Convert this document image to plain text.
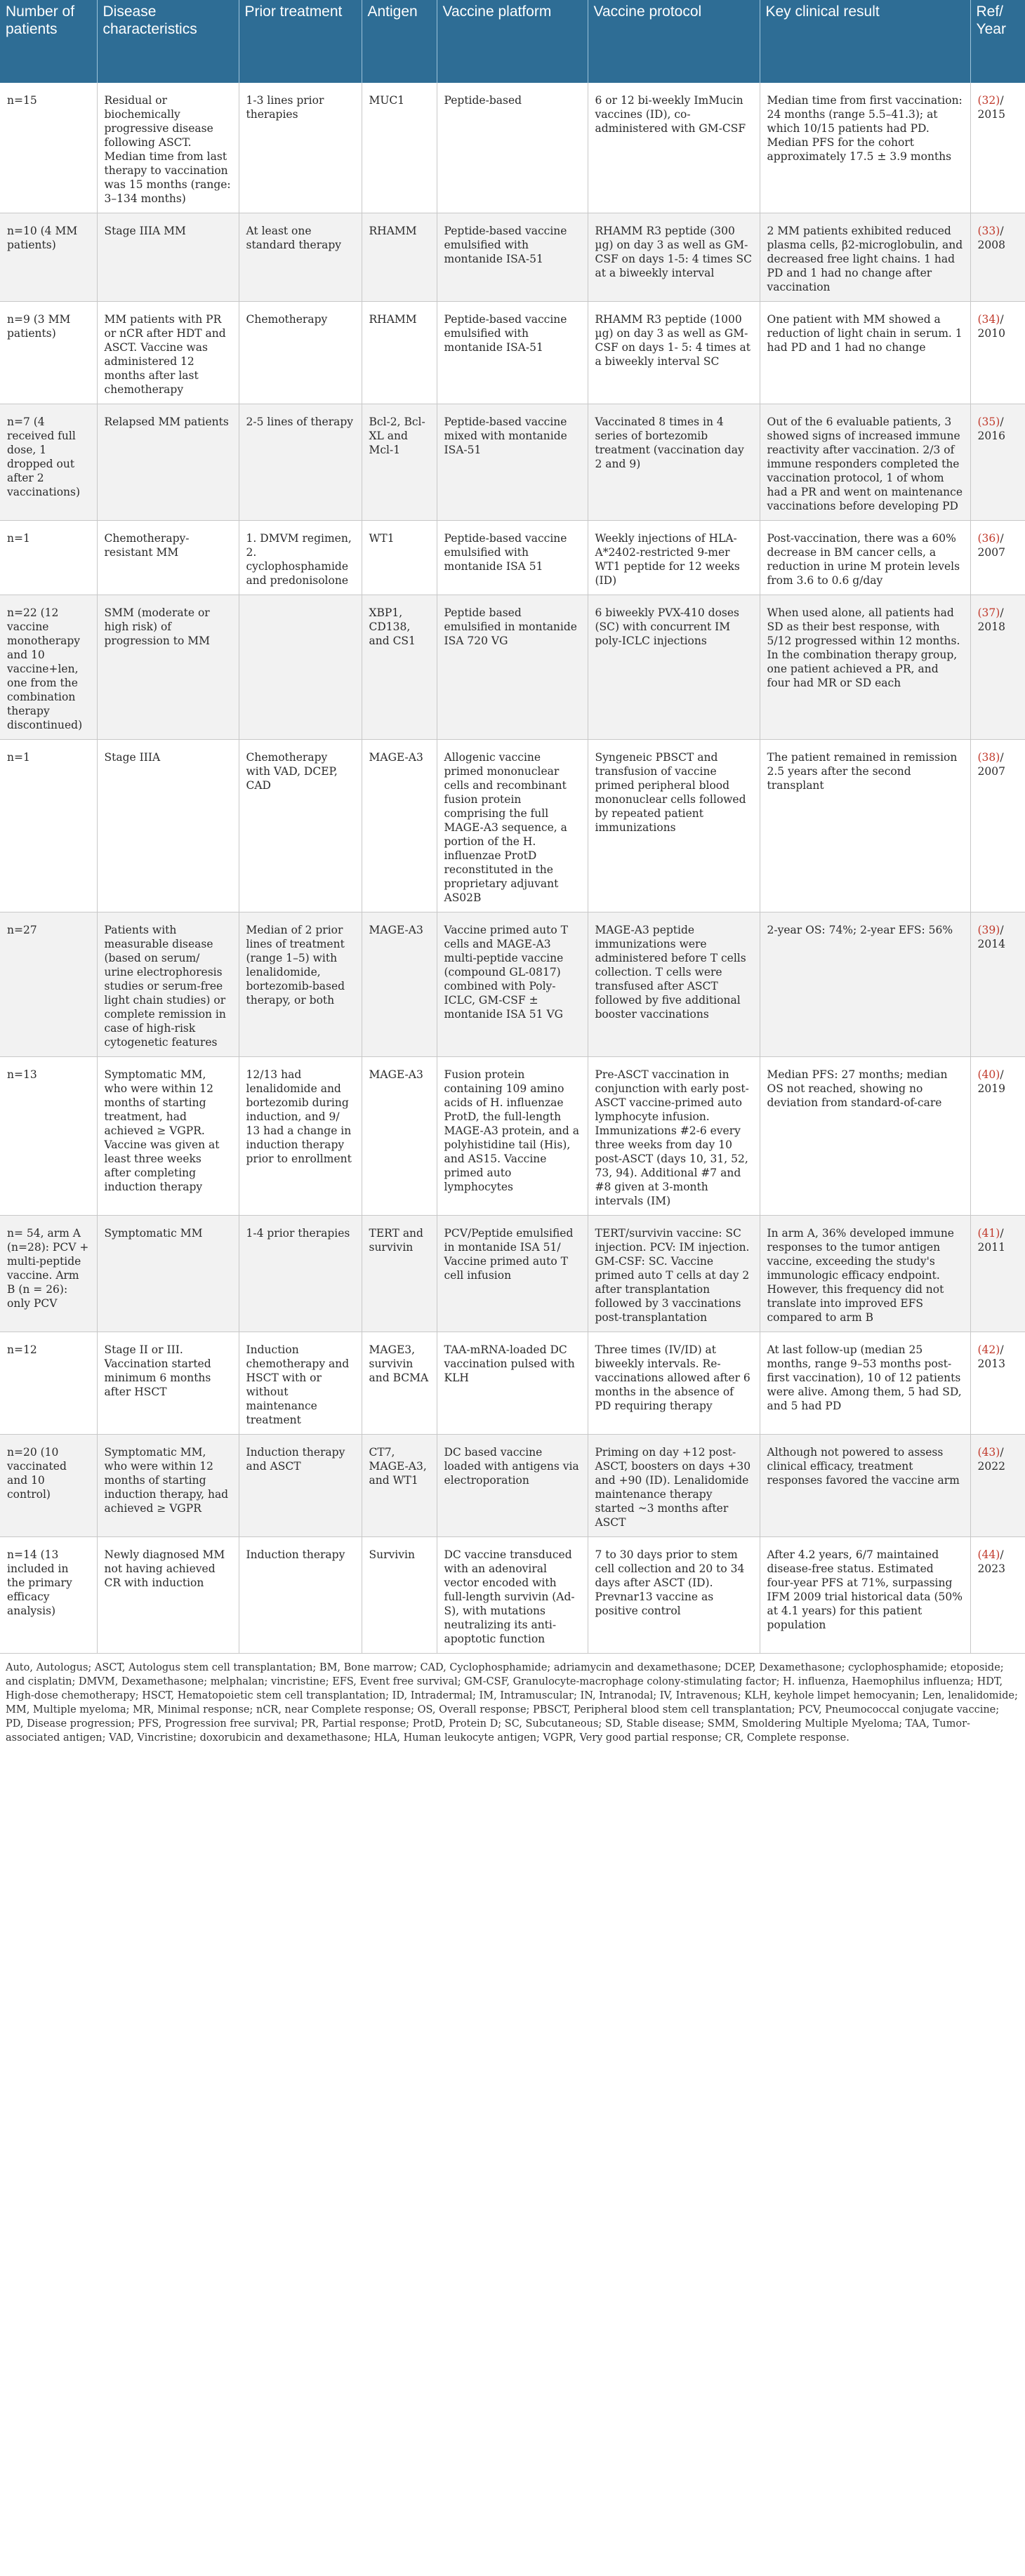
Number of patients	Disease characteristics	Prior treatment	Antigen	Vaccine platform	Vaccine protocol	Key clinical result	Ref/ Year
n=15	Residual or biochemically progressive disease following ASCT. Median time from last therapy to vaccination was 15 months (range: 3–134 months)	1-3 lines prior therapies	MUC1	Peptide-based	6 or 12 bi-weekly ImMucin vaccines (ID), co-administered with GM-CSF	Median time from first vaccination: 24 months (range 5.5–41.3); at which 10/15 patients had PD. Median PFS for the cohort approximately 17.5 ± 3.9 months	(32)/ 2015
n=10 (4 MM patients)	Stage IIIA MM	At least one standard therapy	RHAMM	Peptide-based vaccine emulsified with montanide ISA-51	RHAMM R3 peptide (300 µg) on day 3 as well as GM-CSF on days 1-5: 4 times SC at a biweekly interval	2 MM patients exhibited reduced plasma cells, β2-microglobulin, and decreased free light chains. 1 had PD and 1 had no change after vaccination	(33)/ 2008
n=9 (3 MM patients)	MM patients with PR or nCR after HDT and ASCT. Vaccine was administered 12 months after last chemotherapy	Chemotherapy	RHAMM	Peptide-based vaccine emulsified with montanide ISA-51	RHAMM R3 peptide (1000 µg) on day 3 as well as GM-CSF on days 1- 5: 4 times at a biweekly interval SC	One patient with MM showed a reduction of light chain in serum. 1 had PD and 1 had no change	(34)/ 2010
n=7 (4 received full dose, 1 dropped out after 2 vaccinations)	Relapsed MM patients	2-5 lines of therapy	Bcl-2, Bcl-XL and Mcl-1	Peptide-based vaccine mixed with montanide ISA-51	Vaccinated 8 times in 4 series of bortezomib treatment (vaccination day 2 and 9)	Out of the 6 evaluable patients, 3 showed signs of increased immune reactivity after vaccination. 2/3 of immune responders completed the vaccination protocol, 1 of whom had a PR and went on maintenance vaccinations before developing PD	(35)/ 2016
n=1	Chemotherapy-resistant MM	1. DMVM regimen, 2. cyclophosphamide and predonisolone	WT1	Peptide-based vaccine emulsified with montanide ISA 51	Weekly injections of HLA-A*2402-restricted 9-mer WT1 peptide for 12 weeks (ID)	Post-vaccination, there was a 60% decrease in BM cancer cells, a reduction in urine M protein levels from 3.6 to 0.6 g/day	(36)/ 2007
n=22 (12 vaccine monotherapy and 10 vaccine+len, one from the combination therapy discontinued)	SMM (moderate or high risk) of progression to MM		XBP1, CD138, and CS1	Peptide based emulsified in montanide ISA 720 VG	6 biweekly PVX-410 doses (SC) with concurrent IM poly-ICLC injections	When used alone, all patients had SD as their best response, with 5/12 progressed within 12 months. In the combination therapy group, one patient achieved a PR, and four had MR or SD each	(37)/ 2018
n=1	Stage IIIA	Chemotherapy with VAD, DCEP, CAD	MAGE-A3	Allogenic vaccine primed mononuclear cells and recombinant fusion protein comprising the full MAGE-A3 sequence, a portion of the H. influenzae ProtD reconstituted in the proprietary adjuvant AS02B	Syngeneic PBSCT and transfusion of vaccine primed peripheral blood mononuclear cells followed by repeated patient immunizations	The patient remained in remission 2.5 years after the second transplant	(38)/ 2007
n=27	Patients with measurable disease (based on serum/ urine electrophoresis studies or serum-free light chain studies) or complete remission in case of high-risk cytogenetic features	Median of 2 prior lines of treatment (range 1–5) with lenalidomide, bortezomib-based therapy, or both	MAGE-A3	Vaccine primed auto T cells and MAGE-A3 multi-peptide vaccine (compound GL-0817) combined with Poly-ICLC, GM-CSF ± montanide ISA 51 VG	MAGE-A3 peptide immunizations were administered before T cells collection. T cells were transfused after ASCT followed by five additional booster vaccinations	2-year OS: 74%; 2-year EFS: 56%	(39)/ 2014
n=13	Symptomatic MM, who were within 12 months of starting treatment, had achieved ≥ VGPR. Vaccine was given at least three weeks after completing induction therapy	12/13 had lenalidomide and bortezomib during induction, and 9/ 13 had a change in induction therapy prior to enrollment	MAGE-A3	Fusion protein containing 109 amino acids of H. influenzae ProtD, the full-length MAGE-A3 protein, and a polyhistidine tail (His), and AS15. Vaccine primed auto lymphocytes	Pre-ASCT vaccination in conjunction with early post-ASCT vaccine-primed auto lymphocyte infusion. Immunizations #2-6 every three weeks from day 10 post-ASCT (days 10, 31, 52, 73, 94). Additional #7 and #8 given at 3-month intervals (IM)	Median PFS: 27 months; median OS not reached, showing no deviation from standard-of-care	(40)/ 2019
n= 54, arm A (n=28): PCV + multi-peptide vaccine. Arm B (n = 26): only PCV	Symptomatic MM	1-4 prior therapies	TERT and survivin	PCV/Peptide emulsified in montanide ISA 51/ Vaccine primed auto T cell infusion	TERT/survivin vaccine: SC injection. PCV: IM injection. GM-CSF: SC. Vaccine primed auto T cells at day 2 after transplantation followed by 3 vaccinations post-transplantation	In arm A, 36% developed immune responses to the tumor antigen vaccine, exceeding the study's immunologic efficacy endpoint. However, this frequency did not translate into improved EFS compared to arm B	(41)/ 2011
n=12	Stage II or III. Vaccination started minimum 6 months after HSCT	Induction chemotherapy and HSCT with or without maintenance treatment	MAGE3, survivin and BCMA	TAA-mRNA-loaded DC vaccination pulsed with KLH	Three times (IV/ID) at biweekly intervals. Re-vaccinations allowed after 6 months in the absence of PD requiring therapy	At last follow-up (median 25 months, range 9–53 months post-first vaccination), 10 of 12 patients were alive. Among them, 5 had SD, and 5 had PD	(42)/ 2013
n=20 (10 vaccinated and 10 control)	Symptomatic MM, who were within 12 months of starting induction therapy, had achieved ≥ VGPR	Induction therapy and ASCT	CT7, MAGE-A3, and WT1	DC based vaccine loaded with antigens via electroporation	Priming on day +12 post-ASCT, boosters on days +30 and +90 (ID). Lenalidomide maintenance therapy started ~3 months after ASCT	Although not powered to assess clinical efficacy, treatment responses favored the vaccine arm	(43)/ 2022
n=14 (13 included in the primary efficacy analysis)	Newly diagnosed MM not having achieved CR with induction	Induction therapy	Survivin	DC vaccine transduced with an adenoviral vector encoded with full-length survivin (Ad-S), with mutations neutralizing its anti-apoptotic function	7 to 30 days prior to stem cell collection and 20 to 34 days after ASCT (ID). Prevnar13 vaccine as positive control	After 4.2 years, 6/7 maintained disease-free status. Estimated four-year PFS at 71%, surpassing IFM 2009 trial historical data (50% at 4.1 years) for this patient population	(44)/ 2023
Auto, Autologus; ASCT, Autologus stem cell transplantation; BM, Bone marrow; CAD, Cyclophosphamide; adriamycin and dexamethasone; DCEP, Dexamethasone; cyclophosphamide; etoposide; and cisplatin; DMVM, Dexamethasone; melphalan; vincristine; EFS, Event free survival; GM-CSF, Granulocyte-macrophage colony-stimulating factor; H. influenza, Haemophilus influenza; HDT, High-dose chemotherapy; HSCT, Hematopoietic stem cell transplantation; ID, Intradermal; IM, Intramuscular; IN, Intranodal; IV, Intravenous; KLH, keyhole limpet hemocyanin; Len, lenalidomide; MM, Multiple myeloma; MR, Minimal response; nCR, near Complete response; OS, Overall response; PBSCT, Peripheral blood stem cell transplantation; PCV, Pneumococcal conjugate vaccine; PD, Disease progression; PFS, Progression free survival; PR, Partial response; ProtD, Protein D; SC, Subcutaneous; SD, Stable disease; SMM, Smoldering Multiple Myeloma; TAA, Tumor-associated antigen; VAD, Vincristine; doxorubicin and dexamethasone; HLA, Human leukocyte antigen; VGPR, Very good partial response; CR, Complete response.
